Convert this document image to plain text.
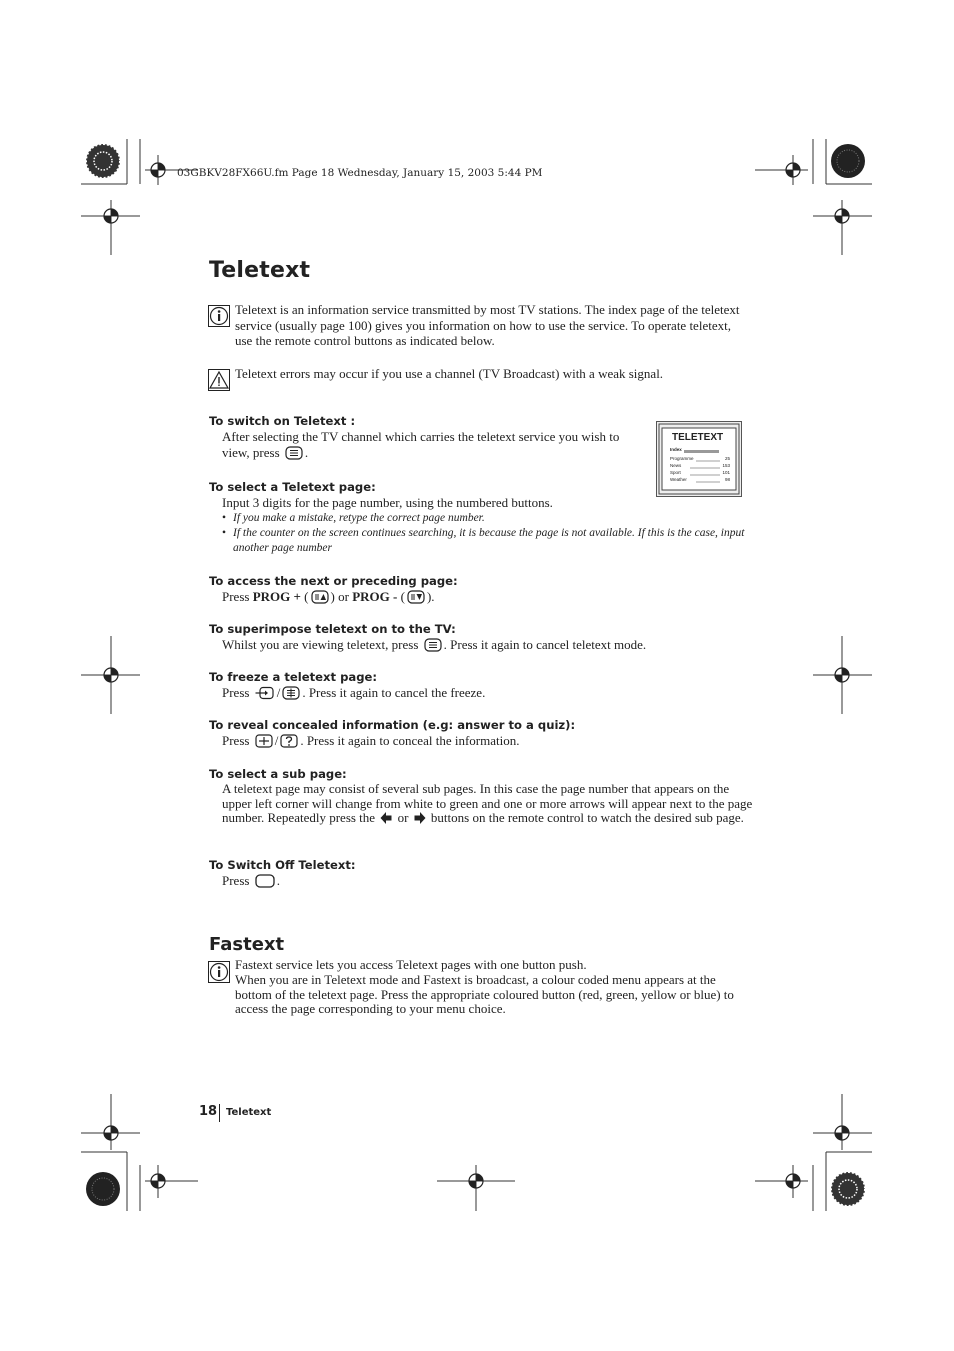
03GBKV28FX66U.fm Page 18 Wednesday, January 15, 2003 5:44 PM
Teletext
Teletext is an information service transmitted by most TV stations. The index page of the teletext service (usually page 100) gives you information on how to use the service. To operate teletext, use the remote control buttons as indicated below.
Teletext errors may occur if you use a channel (TV Broadcast) with a weak signal.
TELETEXT
Index
Programme	25
News	153
Sport	101
Weather	98
To switch on Teletext :
After selecting the TV channel which carries the teletext service you wish to view, press .
To select a Teletext page:
Input 3 digits for the page number, using the numbered buttons.
• If you make a mistake, retype the correct page number.
• If the counter on the screen continues searching, it is because the page is not available. If this is the case, input another page number
To access the next or preceding page:
Press PROG + ( ) or PROG - ( ).
To superimpose teletext on to the TV:
Whilst you are viewing teletext, press . Press it again to cancel teletext mode.
To freeze a teletext page:
Press / . Press it again to cancel the freeze.
To reveal concealed information (e.g: answer to a quiz):
Press / . Press it again to conceal the information.
To select a sub page:
A teletext page may consist of several sub pages. In this case the page number that appears on the upper left corner will change from white to green and one or more arrows will appear next to the page number. Repeatedly press the or buttons on the remote control to watch the desired sub page.
To Switch Off Teletext:
Press .
Fastext
Fastext service lets you access Teletext pages with one button push.
When you are in Teletext mode and Fastext is broadcast, a colour coded menu appears at the bottom of the teletext page. Press the appropriate coloured button (red, green, yellow or blue) to access the page corresponding to your menu choice.
18 Teletext
